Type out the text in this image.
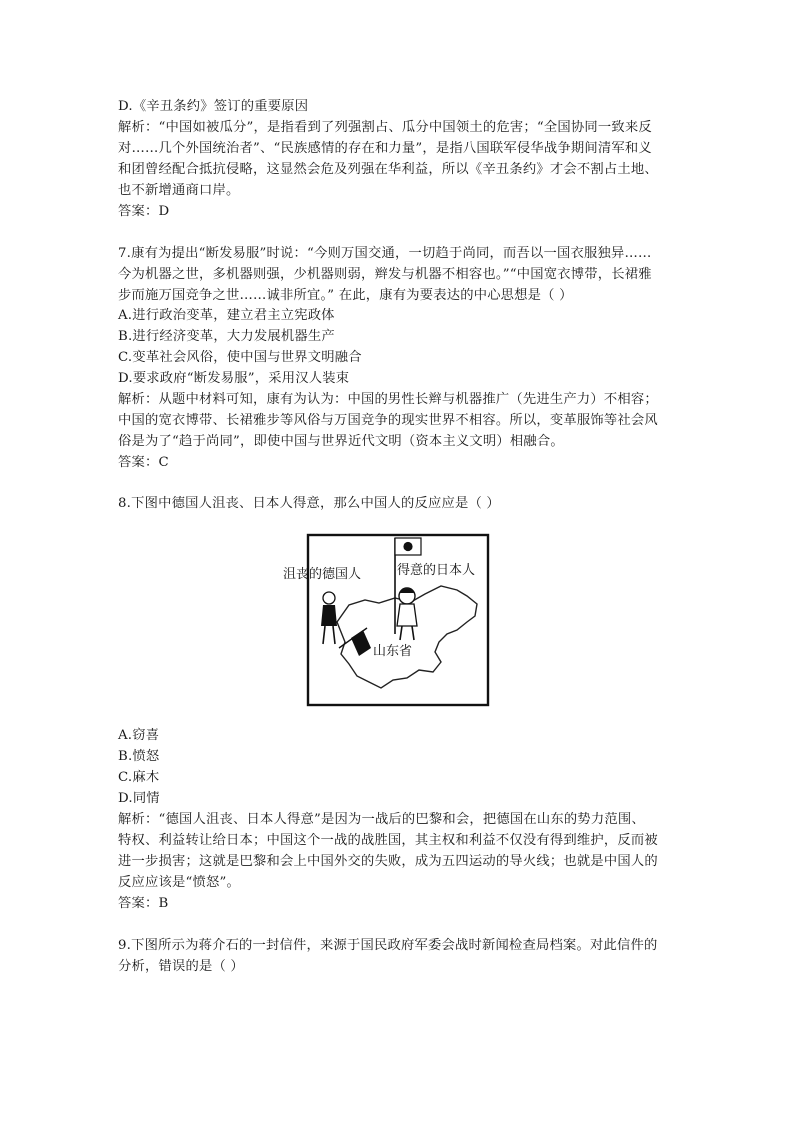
D.《辛丑条约》签订的重要原因
解析：“中国如被瓜分”，是指看到了列强割占、瓜分中国领土的危害；“全国协同一致来反
对……几个外国统治者”、“民族感情的存在和力量”，是指八国联军侵华战争期间清军和义
和团曾经配合抵抗侵略，这显然会危及列强在华利益，所以《辛丑条约》才会不割占土地、
也不新增通商口岸。
答案：D
7.康有为提出“断发易服”时说：“今则万国交通，一切趋于尚同，而吾以一国衣服独异……
今为机器之世，多机器则强，少机器则弱，辫发与机器不相容也。”“中国宽衣博带，长裙雅
步而施万国竞争之世……诚非所宜。” 在此，康有为要表达的中心思想是（ ）
A.进行政治变革，建立君主立宪政体
B.进行经济变革，大力发展机器生产
C.变革社会风俗，使中国与世界文明融合
D.要求政府“断发易服”，采用汉人装束
解析：从题中材料可知，康有为认为：中国的男性长辫与机器推广（先进生产力）不相容；
中国的宽衣博带、长裙雅步等风俗与万国竞争的现实世界不相容。所以，变革服饰等社会风
俗是为了“趋于尚同”，即使中国与世界近代文明（资本主义文明）相融合。
答案：C
8.下图中德国人沮丧、日本人得意，那么中国人的反应应是（ ）
沮丧的德国人	得意的日本人
山东省
A.窃喜
B.愤怒
C.麻木
D.同情
解析：“德国人沮丧、日本人得意”是因为一战后的巴黎和会，把德国在山东的势力范围、
特权、利益转让给日本；中国这个一战的战胜国，其主权和利益不仅没有得到维护，反而被
进一步损害；这就是巴黎和会上中国外交的失败，成为五四运动的导火线；也就是中国人的
反应应该是“愤怒”。
答案：B
9.下图所示为蒋介石的一封信件，来源于国民政府军委会战时新闻检查局档案。对此信件的
分析，错误的是（ ）
